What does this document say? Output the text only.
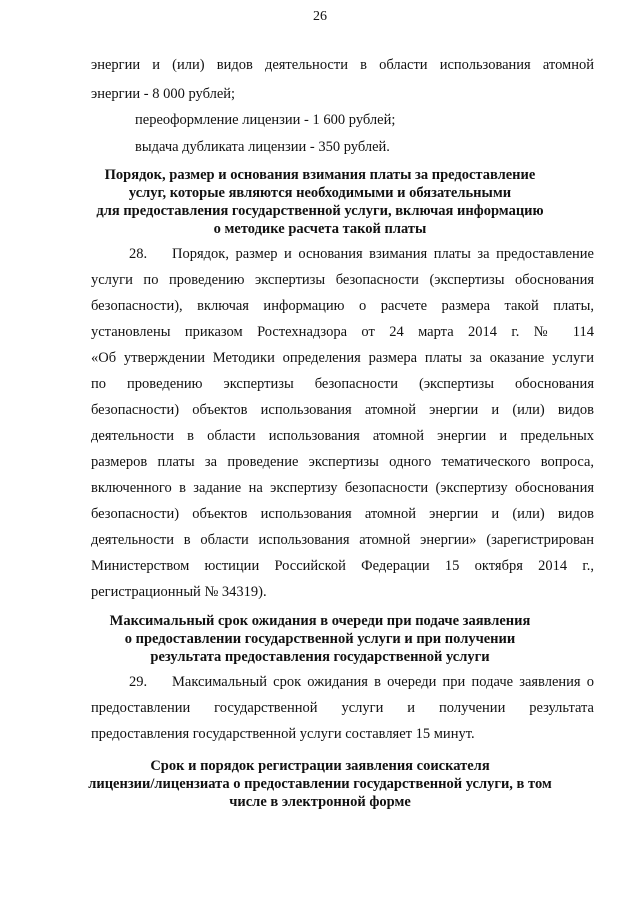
26
энергии и (или) видов деятельности в области использования атомной
энергии - 8 000 рублей;
переоформление лицензии - 1 600 рублей;
выдача дубликата лицензии - 350 рублей.
Порядок, размер и основания взимания платы за предоставление
услуг, которые являются необходимыми и обязательными
для предоставления государственной услуги, включая информацию
о методике расчета такой платы
28. Порядок, размер и основания взимания платы за предоставление
услуги по проведению экспертизы безопасности (экспертизы обоснования
безопасности), включая информацию о расчете размера такой платы,
установлены приказом Ростехнадзора от 24 марта 2014 г. № 114
«Об утверждении Методики определения размера платы за оказание услуги
по проведению экспертизы безопасности (экспертизы обоснования
безопасности) объектов использования атомной энергии и (или) видов
деятельности в области использования атомной энергии и предельных
размеров платы за проведение экспертизы одного тематического вопроса,
включенного в задание на экспертизу безопасности (экспертизу обоснования
безопасности) объектов использования атомной энергии и (или) видов
деятельности в области использования атомной энергии» (зарегистрирован
Министерством юстиции Российской Федерации 15 октября 2014 г.,
регистрационный № 34319).
Максимальный срок ожидания в очереди при подаче заявления
о предоставлении государственной услуги и при получении
результата предоставления государственной услуги
29. Максимальный срок ожидания в очереди при подаче заявления о
предоставлении государственной услуги и получении результата
предоставления государственной услуги составляет 15 минут.
Срок и порядок регистрации заявления соискателя
лицензии/лицензиата о предоставлении государственной услуги, в том
числе в электронной форме
